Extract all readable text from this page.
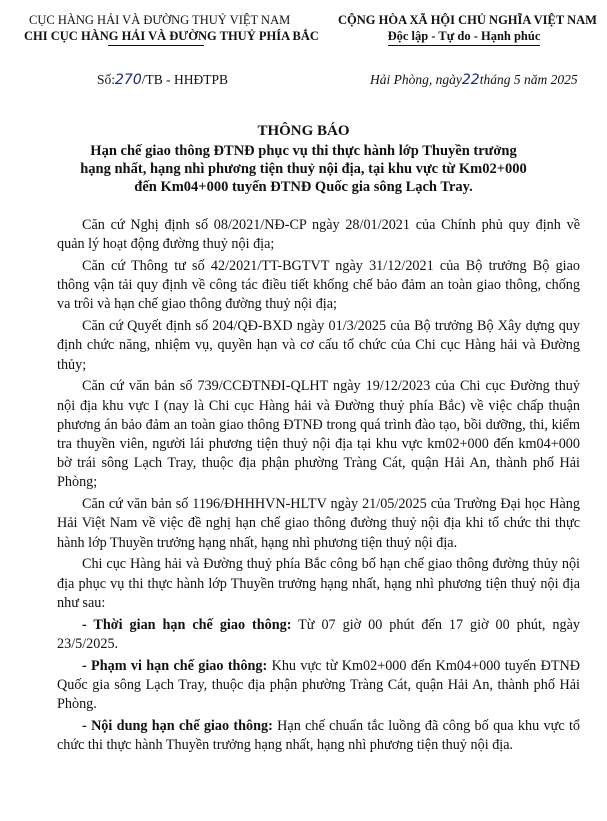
CỤC HÀNG HẢI VÀ ĐƯỜNG THUỶ VIỆT NAM
CHI CỤC HÀNG HẢI VÀ ĐƯỜNG THUỶ PHÍA BẮC
Số:270/TB - HHĐTPB
CỘNG HÒA XÃ HỘI CHỦ NGHĨA VIỆT NAM
Độc lập - Tự do - Hạnh phúc
Hải Phòng, ngày22tháng 5 năm 2025
THÔNG BÁO
Hạn chế giao thông ĐTNĐ phục vụ thi thực hành lớp Thuyền trưởng
hạng nhất, hạng nhì phương tiện thuỷ nội địa, tại khu vực từ Km02+000
đến Km04+000 tuyến ĐTNĐ Quốc gia sông Lạch Tray.

Căn cứ Nghị định số 08/2021/NĐ-CP ngày 28/01/2021 của Chính phủ quy định về quản lý hoạt động đường thuỷ nội địa;

Căn cứ Thông tư số 42/2021/TT-BGTVT ngày 31/12/2021 của Bộ trưởng Bộ giao thông vận tải quy định về công tác điều tiết khống chế bảo đảm an toàn giao thông, chống va trôi và hạn chế giao thông đường thuỷ nội địa;

Căn cứ Quyết định số 204/QĐ-BXD ngày 01/3/2025 của Bộ trưởng Bộ Xây dựng quy định chức năng, nhiệm vụ, quyền hạn và cơ cấu tổ chức của Chi cục Hàng hải và Đường thủy;

Căn cứ văn bản số 739/CCĐTNĐI-QLHT ngày 19/12/2023 của Chi cục Đường thuỷ nội địa khu vực I (nay là Chi cục Hàng hải và Đường thuỷ phía Bắc) về việc chấp thuận phương án bảo đảm an toàn giao thông ĐTNĐ trong quá trình đào tạo, bồi dưỡng, thi, kiểm tra thuyền viên, người lái phương tiện thuỷ nội địa tại khu vực km02+000 đến km04+000 bờ trái sông Lạch Tray, thuộc địa phận phường Tràng Cát, quận Hải An, thành phố Hải Phòng;

Căn cứ văn bản số 1196/ĐHHHVN-HLTV ngày 21/05/2025 của Trường Đại học Hàng Hải Việt Nam về việc đề nghị hạn chế giao thông đường thuỷ nội địa khi tổ chức thi thực hành lớp Thuyền trưởng hạng nhất, hạng nhì phương tiện thuỷ nội địa.

Chi cục Hàng hải và Đường thuỷ phía Bắc công bố hạn chế giao thông đường thủy nội địa phục vụ thi thực hành lớp Thuyền trưởng hạng nhất, hạng nhì phương tiện thuỷ nội địa như sau:

- Thời gian hạn chế giao thông: Từ 07 giờ 00 phút đến 17 giờ 00 phút, ngày 23/5/2025.

- Phạm vi hạn chế giao thông: Khu vực từ Km02+000 đến Km04+000 tuyến ĐTNĐ Quốc gia sông Lạch Tray, thuộc địa phận phường Tràng Cát, quận Hải An, thành phố Hải Phòng.

- Nội dung hạn chế giao thông: Hạn chế chuẩn tắc luồng đã công bố qua khu vực tổ chức thi thực hành Thuyền trưởng hạng nhất, hạng nhì phương tiện thuỷ nội địa.
